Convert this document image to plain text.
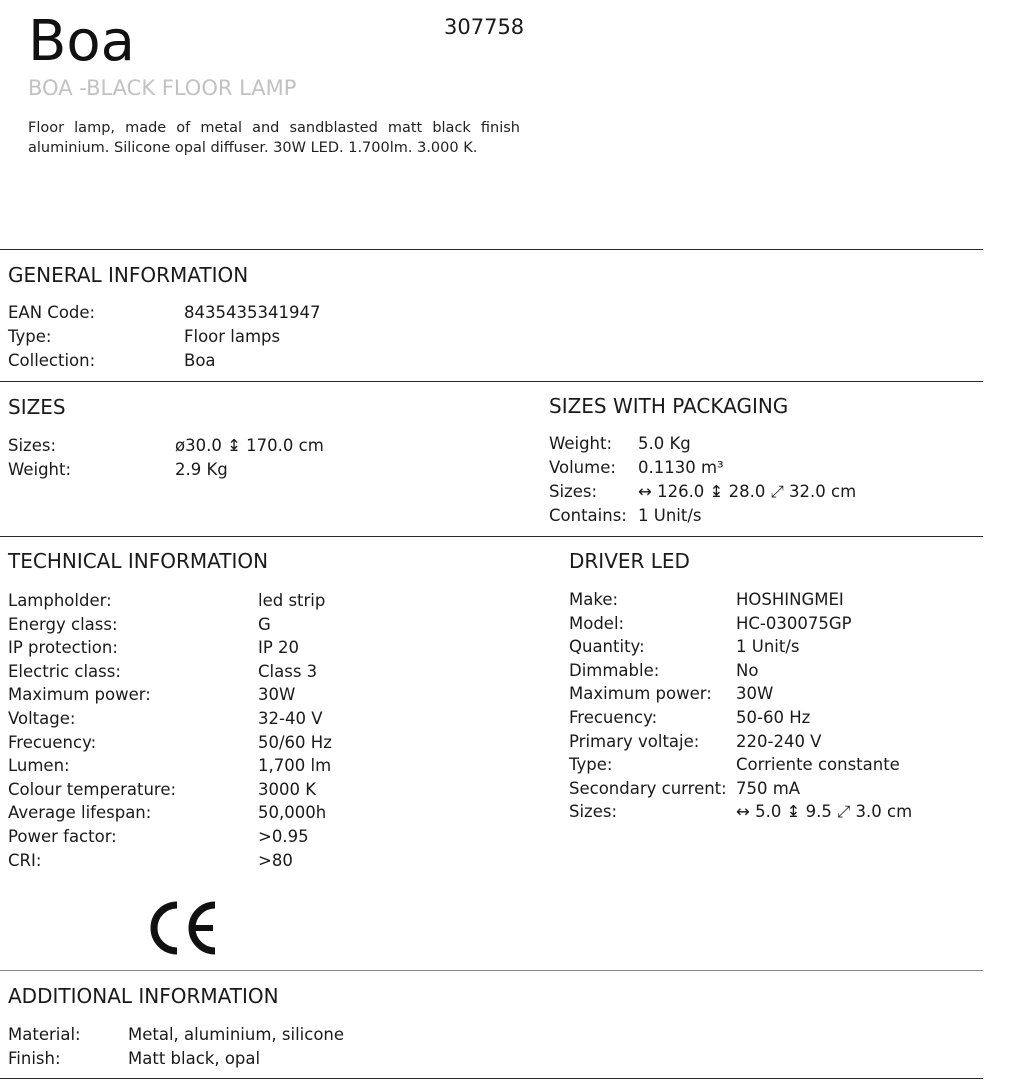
Boa	307758
BOA -BLACK FLOOR LAMP
Floor lamp, made of metal and sandblasted matt black finish aluminium. Silicone opal diffuser. 30W LED. 1.700lm. 3.000 K.
GENERAL INFORMATION
EAN Code:	8435435341947
Type:	Floor lamps
Collection:	Boa
SIZES
Sizes:	ø30.0 ↨ 170.0 cm
Weight:	2.9 Kg
SIZES WITH PACKAGING
Weight: 5.0 Kg
Volume: 0.1130 m³
Sizes: ↔ 126.0 ↨ 28.0 ⤢ 32.0 cm
Contains: 1 Unit/s
TECHNICAL INFORMATION
Lampholder:	led strip
Energy class:	G
IP protection:	IP 20
Electric class:	Class 3
Maximum power:	30W
Voltage:	32-40 V
Frecuency:	50/60 Hz
Lumen:	1,700 lm
Colour temperature:	3000 K
Average lifespan:	50,000h
Power factor:	>0.95
CRI:	>80
DRIVER LED
Make:	HOSHINGMEI
Model:	HC-030075GP
Quantity:	1 Unit/s
Dimmable:	No
Maximum power: 30W
Frecuency:	50-60 Hz
Primary voltaje: 220-240 V
Type:	Corriente constante
Secondary current: 750 mA
Sizes:	↔ 5.0 ↨ 9.5 ⤢ 3.0 cm
ADDITIONAL INFORMATION
Material:	Metal, aluminium, silicone
Finish:	Matt black, opal
